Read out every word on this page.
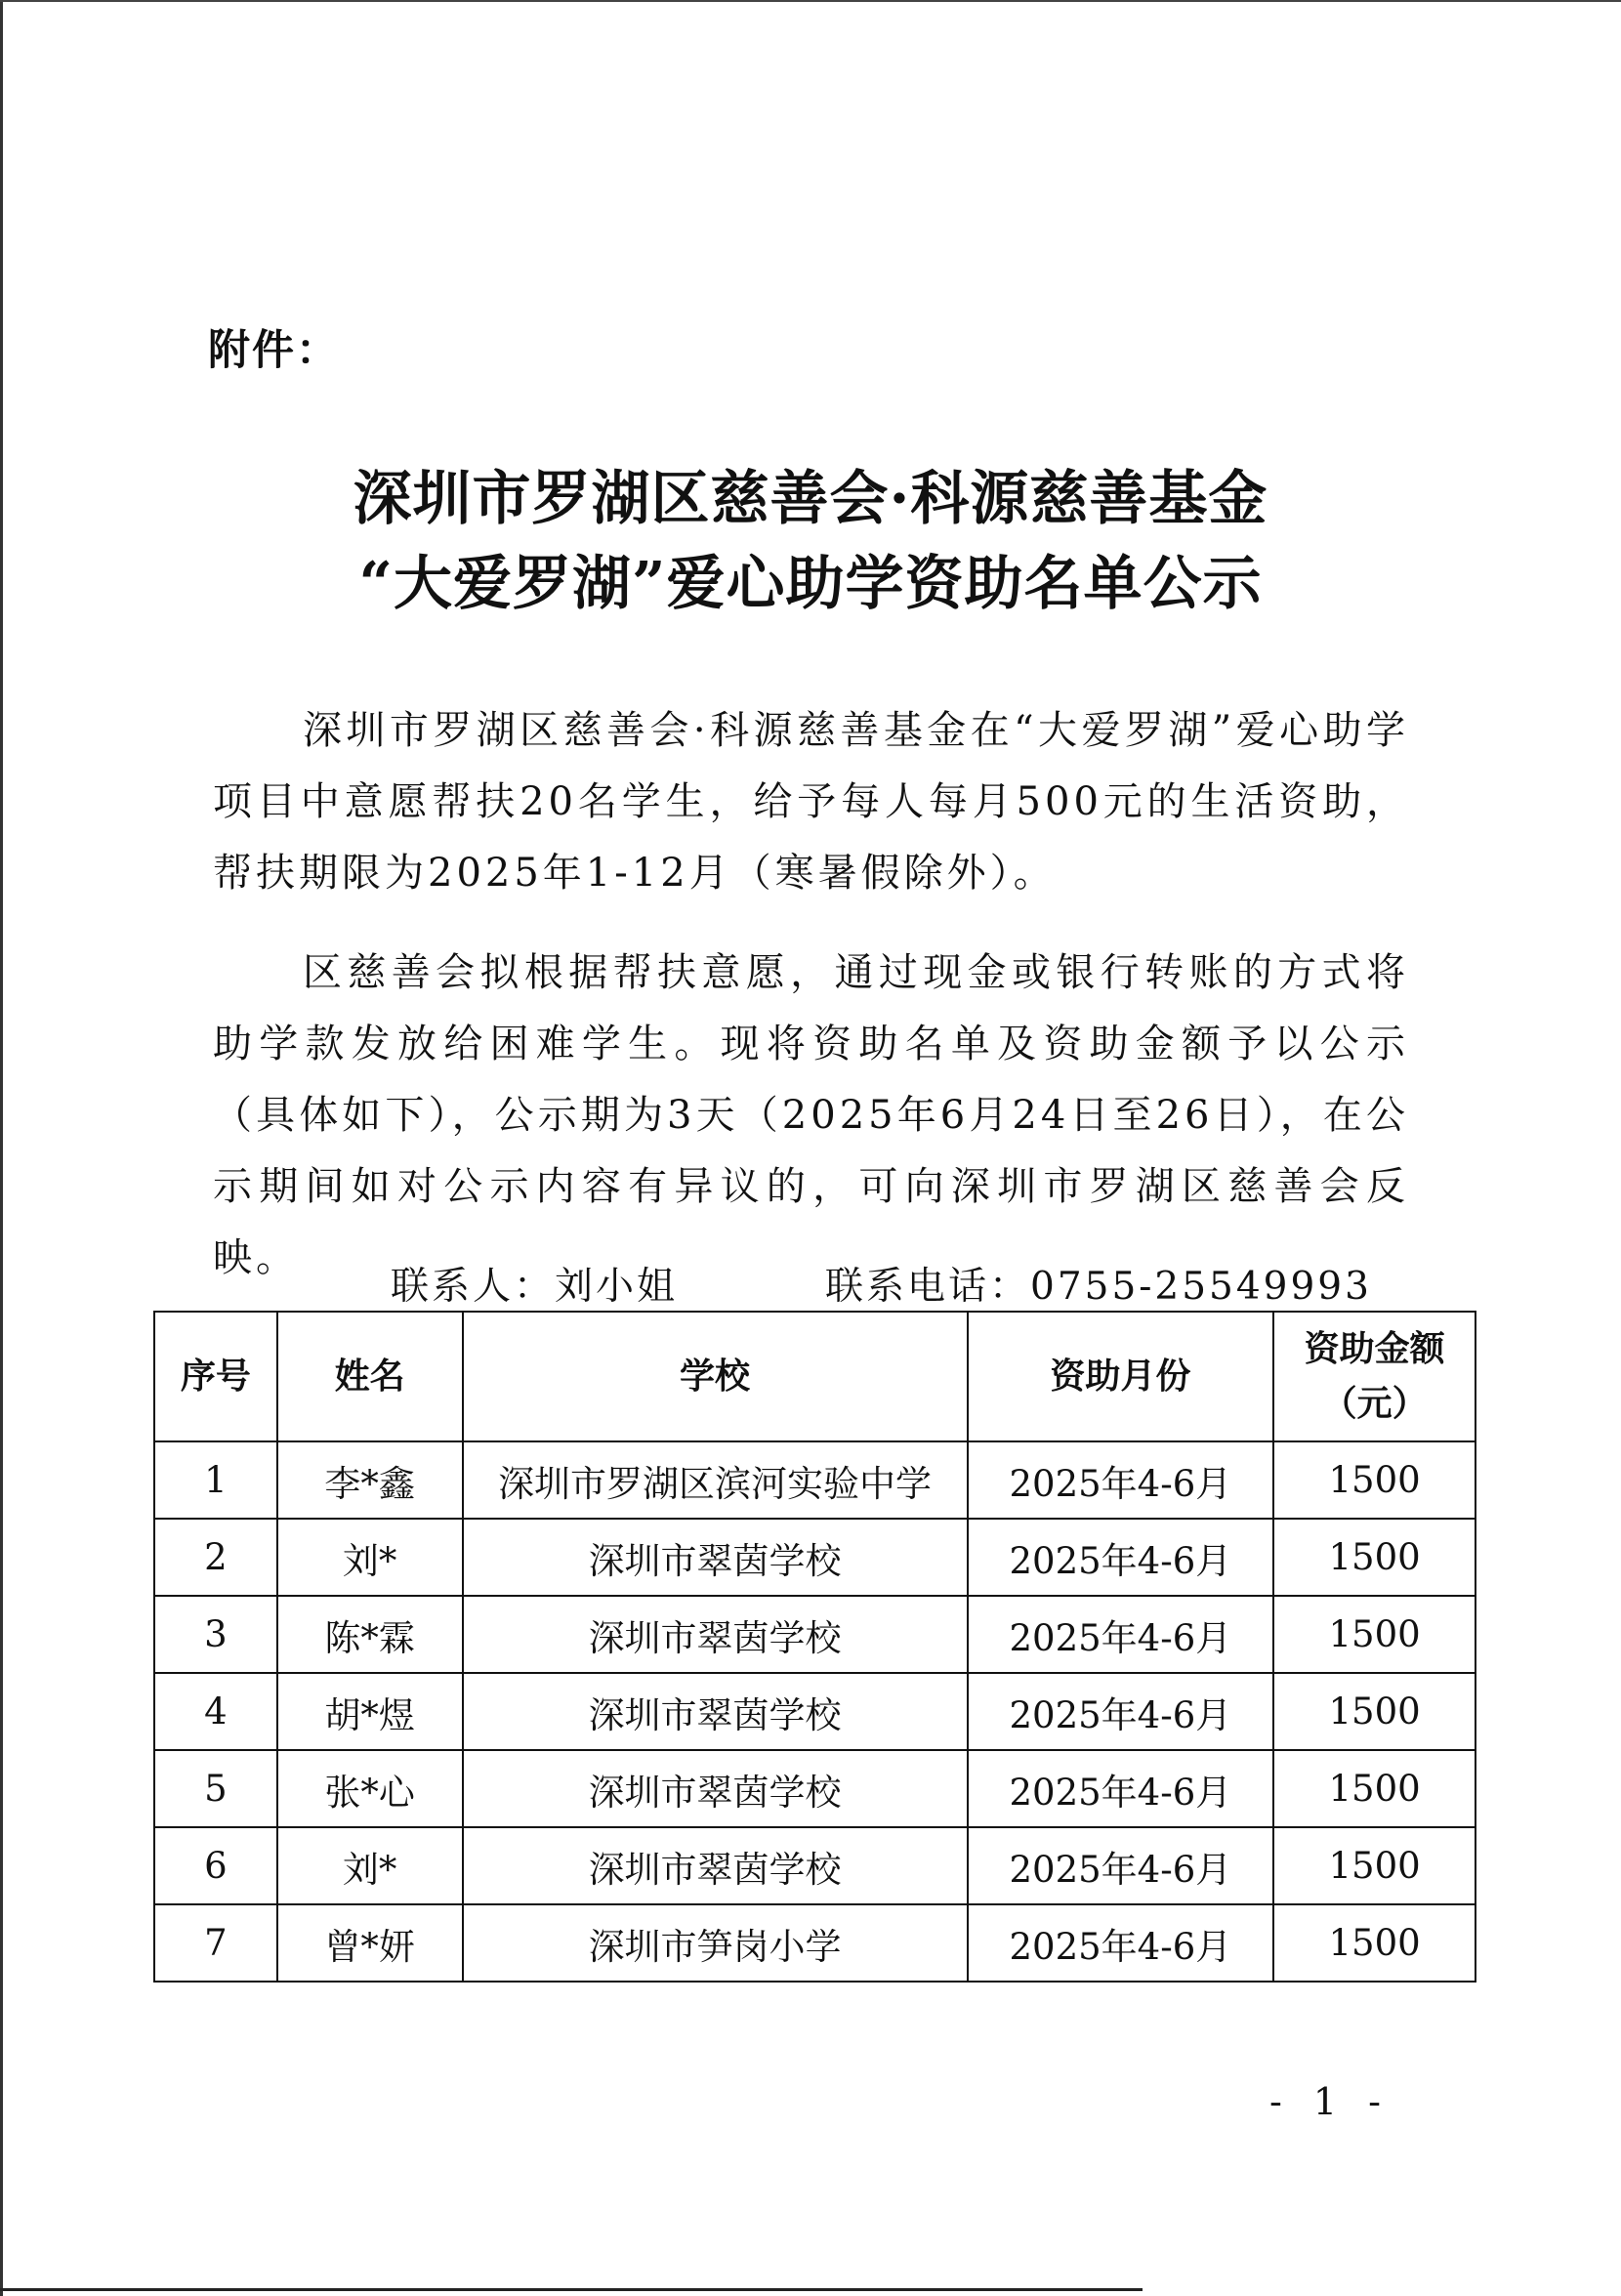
附件：
深圳市罗湖区慈善会·科源慈善基金
“大爱罗湖”爱心助学资助名单公示

深圳市罗湖区慈善会·科源慈善基金在“大爱罗湖”爱心助学项目中意愿帮扶20名学生，给予每人每月500元的生活资助，帮扶期限为2025年1-12月（寒暑假除外）。

区慈善会拟根据帮扶意愿，通过现金或银行转账的方式将助学款发放给困难学生。现将资助名单及资助金额予以公示（具体如下），公示期为3天（2025年6月24日至26日），在公示期间如对公示内容有异议的，可向深圳市罗湖区慈善会反映。

联系人：刘小姐	联系电话：0755-25549993
序号	姓名	学校	资助月份	资助金额
（元）

1	李*鑫	深圳市罗湖区滨河实验中学	2025年4-6月	1500
2	刘*	深圳市翠茵学校	2025年4-6月	1500
3	陈*霖	深圳市翠茵学校	2025年4-6月	1500
4	胡*煜	深圳市翠茵学校	2025年4-6月	1500
5	张*心	深圳市翠茵学校	2025年4-6月	1500
6	刘*	深圳市翠茵学校	2025年4-6月	1500
7	曾*妍	深圳市笋岗小学	2025年4-6月	1500
- 1 -
